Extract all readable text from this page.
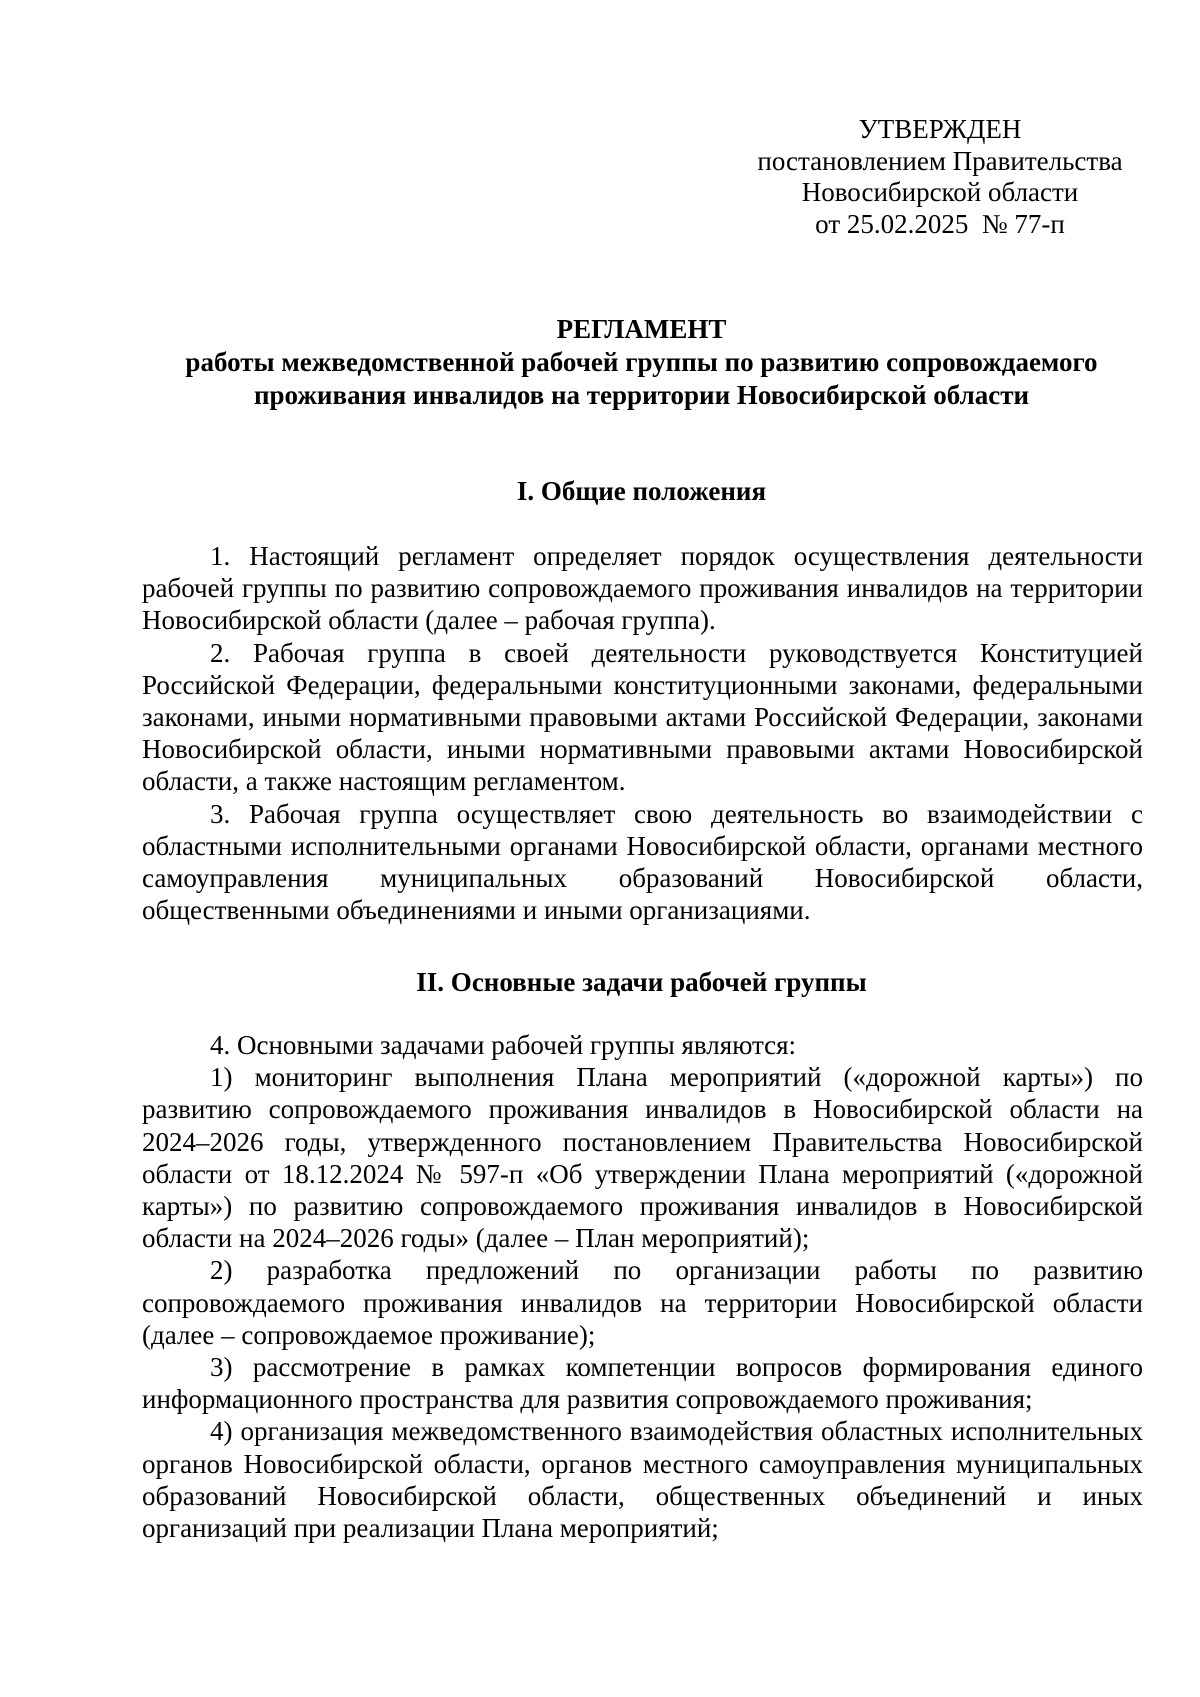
УТВЕРЖДЕН
постановлением Правительства
Новосибирской области
от 25.02.2025  № 77-п
РЕГЛАМЕНТ
работы межведомственной рабочей группы по развитию сопровождаемого
проживания инвалидов на территории Новосибирской области
I. Общие положения

1. Настоящий регламент определяет порядок осуществления деятельности рабочей группы по развитию сопровождаемого проживания инвалидов на территории Новосибирской области (далее – рабочая группа).

2. Рабочая группа в своей деятельности руководствуется Конституцией Российской Федерации, федеральными конституционными законами, федеральными законами, иными нормативными правовыми актами Российской Федерации, законами Новосибирской области, иными нормативными правовыми актами Новосибирской области, а также настоящим регламентом.

3. Рабочая группа осуществляет свою деятельность во взаимодействии с областными исполнительными органами Новосибирской области, органами местного самоуправления муниципальных образований Новосибирской области, общественными объединениями и иными организациями.

II. Основные задачи рабочей группы

4. Основными задачами рабочей группы являются:

1) мониторинг выполнения Плана мероприятий («дорожной карты») по развитию сопровождаемого проживания инвалидов в Новосибирской области на 2024–2026 годы, утвержденного постановлением Правительства Новосибирской области от 18.12.2024 № 597-п «Об утверждении Плана мероприятий («дорожной карты») по развитию сопровождаемого проживания инвалидов в Новосибирской области на 2024–2026 годы» (далее – План мероприятий);

2) разработка предложений по организации работы по развитию сопровождаемого проживания инвалидов на территории Новосибирской области (далее – сопровождаемое проживание);

3) рассмотрение в рамках компетенции вопросов формирования единого информационного пространства для развития сопровождаемого проживания;

4) организация межведомственного взаимодействия областных исполнительных органов Новосибирской области, органов местного самоуправления муниципальных образований Новосибирской области, общественных объединений и иных организаций при реализации Плана мероприятий;
